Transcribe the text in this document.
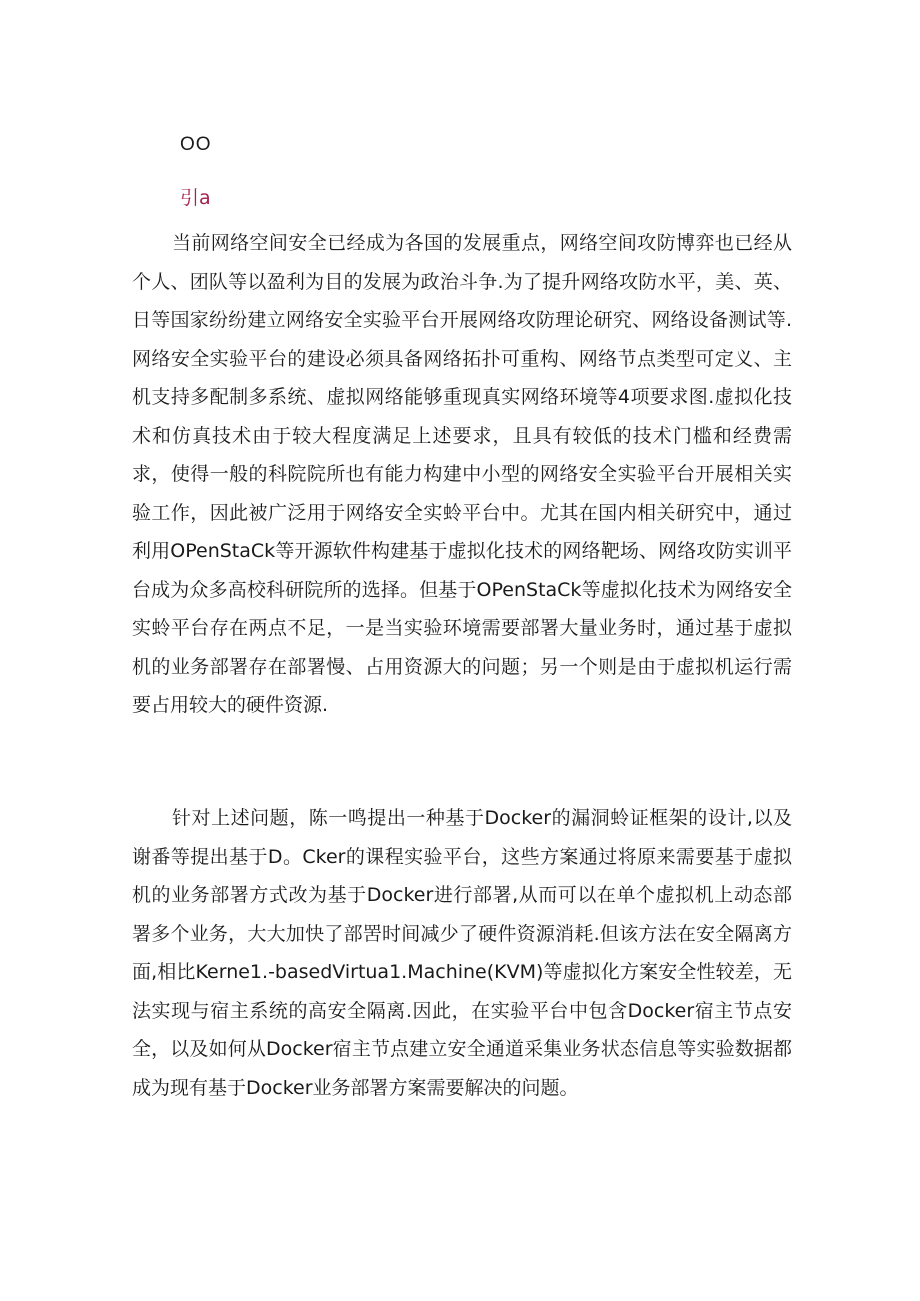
OO
引a

当前网络空间安全已经成为各国的发展重点，网络空间攻防博弈也已经从个人、团队等以盈利为目的发展为政治斗争.为了提升网络攻防水平，美、英、日等国家纷纷建立网络安全实验平台开展网络攻防理论研究、网络设备测试等.网络安全实验平台的建设必须具备网络拓扑可重构、网络节点类型可定义、主机支持多配制多系统、虚拟网络能够重现真实网络环境等4项要求图.虚拟化技术和仿真技术由于较大程度满足上述要求，且具有较低的技术门槛和经费需求，使得一般的科院院所也有能力构建中小型的网络安全实验平台开展相关实验工作，因此被广泛用于网络安全实蛉平台中。尤其在国内相关研究中，通过利用OPenStaCk等开源软件构建基于虚拟化技术的网络靶场、网络攻防实训平台成为众多高校科研院所的选择。但基于OPenStaCk等虚拟化技术为网络安全实蛉平台存在两点不足，一是当实验环境需要部署大量业务时，通过基于虚拟机的业务部署存在部署慢、占用资源大的问题；另一个则是由于虚拟机运行需要占用较大的硬件资源.

针对上述问题，陈一鸣提出一种基于Docker的漏洞蛉证框架的设计,以及谢番等提出基于D。Cker的课程实验平台，这些方案通过将原来需要基于虚拟机的业务部署方式改为基于Docker进行部署,从而可以在单个虚拟机上动态部署多个业务，大大加快了部罟时间减少了硬件资源消耗.但该方法在安全隔离方面,相比Kerne1.-basedVirtua1.Machine(KVM)等虚拟化方案安全性较差，无法实现与宿主系统的高安全隔离.因此，在实验平台中包含Docker宿主节点安全，以及如何从Docker宿主节点建立安全通道采集业务状态信息等实验数据都成为现有基于Docker业务部署方案需要解决的问题。
